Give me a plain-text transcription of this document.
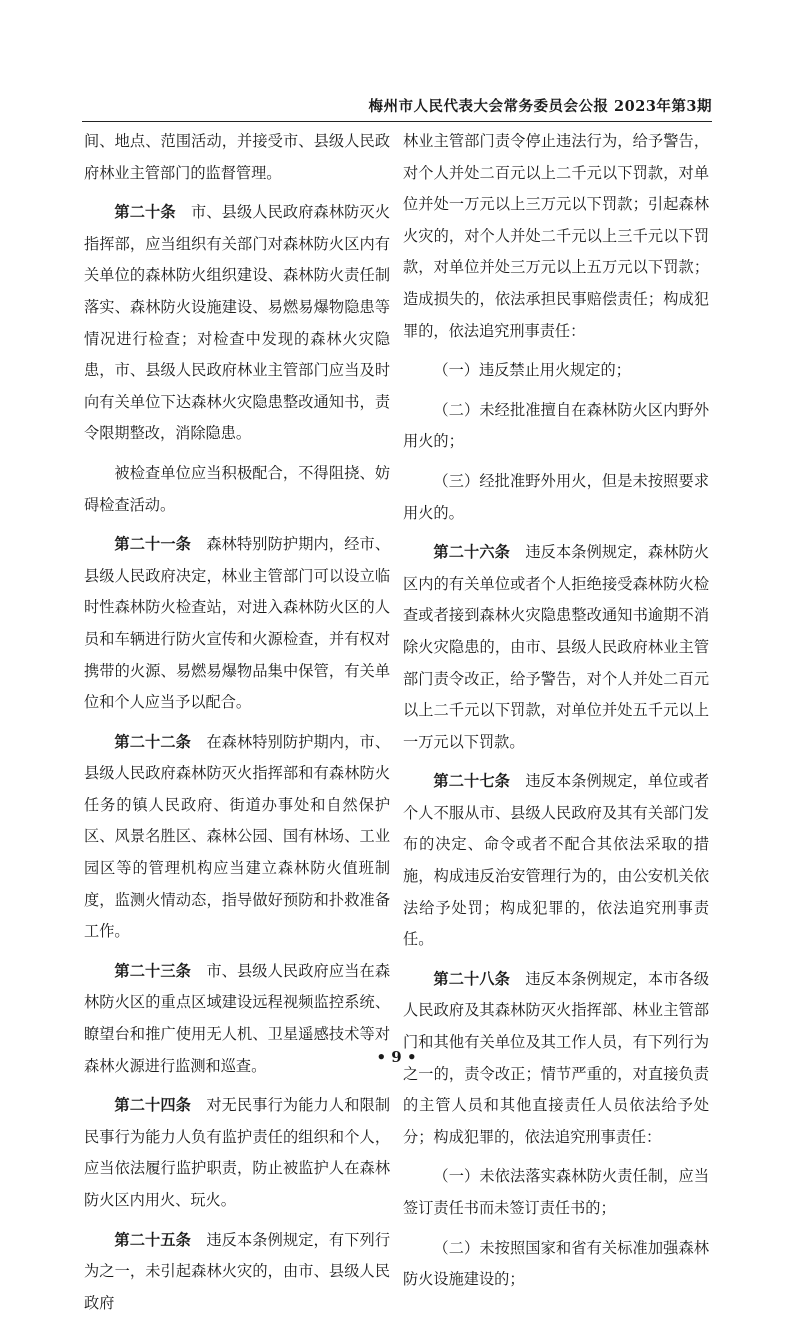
梅州市人民代表大会常务委员会公报 2023年第3期

间、地点、范围活动，并接受市、县级人民政府林业主管部门的监督管理。

第二十条　市、县级人民政府森林防灭火指挥部，应当组织有关部门对森林防火区内有关单位的森林防火组织建设、森林防火责任制落实、森林防火设施建设、易燃易爆物隐患等情况进行检查；对检查中发现的森林火灾隐患，市、县级人民政府林业主管部门应当及时向有关单位下达森林火灾隐患整改通知书，责令限期整改，消除隐患。

被检查单位应当积极配合，不得阻挠、妨碍检查活动。

第二十一条　森林特别防护期内，经市、县级人民政府决定，林业主管部门可以设立临时性森林防火检查站，对进入森林防火区的人员和车辆进行防火宣传和火源检查，并有权对携带的火源、易燃易爆物品集中保管，有关单位和个人应当予以配合。

第二十二条　在森林特别防护期内，市、县级人民政府森林防灭火指挥部和有森林防火任务的镇人民政府、街道办事处和自然保护区、风景名胜区、森林公园、国有林场、工业园区等的管理机构应当建立森林防火值班制度，监测火情动态，指导做好预防和扑救准备工作。

第二十三条　市、县级人民政府应当在森林防火区的重点区域建设远程视频监控系统、瞭望台和推广使用无人机、卫星遥感技术等对森林火源进行监测和巡查。

第二十四条　对无民事行为能力人和限制民事行为能力人负有监护责任的组织和个人，应当依法履行监护职责，防止被监护人在森林防火区内用火、玩火。

第二十五条　违反本条例规定，有下列行为之一，未引起森林火灾的，由市、县级人民政府

林业主管部门责令停止违法行为，给予警告，对个人并处二百元以上二千元以下罚款，对单位并处一万元以上三万元以下罚款；引起森林火灾的，对个人并处二千元以上三千元以下罚款，对单位并处三万元以上五万元以下罚款；造成损失的，依法承担民事赔偿责任；构成犯罪的，依法追究刑事责任：

（一）违反禁止用火规定的；

（二）未经批准擅自在森林防火区内野外用火的；

（三）经批准野外用火，但是未按照要求用火的。

第二十六条　违反本条例规定，森林防火区内的有关单位或者个人拒绝接受森林防火检查或者接到森林火灾隐患整改通知书逾期不消除火灾隐患的，由市、县级人民政府林业主管部门责令改正，给予警告，对个人并处二百元以上二千元以下罚款，对单位并处五千元以上一万元以下罚款。

第二十七条　违反本条例规定，单位或者个人不服从市、县级人民政府及其有关部门发布的决定、命令或者不配合其依法采取的措施，构成违反治安管理行为的，由公安机关依法给予处罚；构成犯罪的，依法追究刑事责任。

第二十八条　违反本条例规定，本市各级人民政府及其森林防灭火指挥部、林业主管部门和其他有关单位及其工作人员，有下列行为之一的，责令改正；情节严重的，对直接负责的主管人员和其他直接责任人员依法给予处分；构成犯罪的，依法追究刑事责任：

（一）未依法落实森林防火责任制，应当签订责任书而未签订责任书的；

（二）未按照国家和省有关标准加强森林防火设施建设的；

• 9 •
